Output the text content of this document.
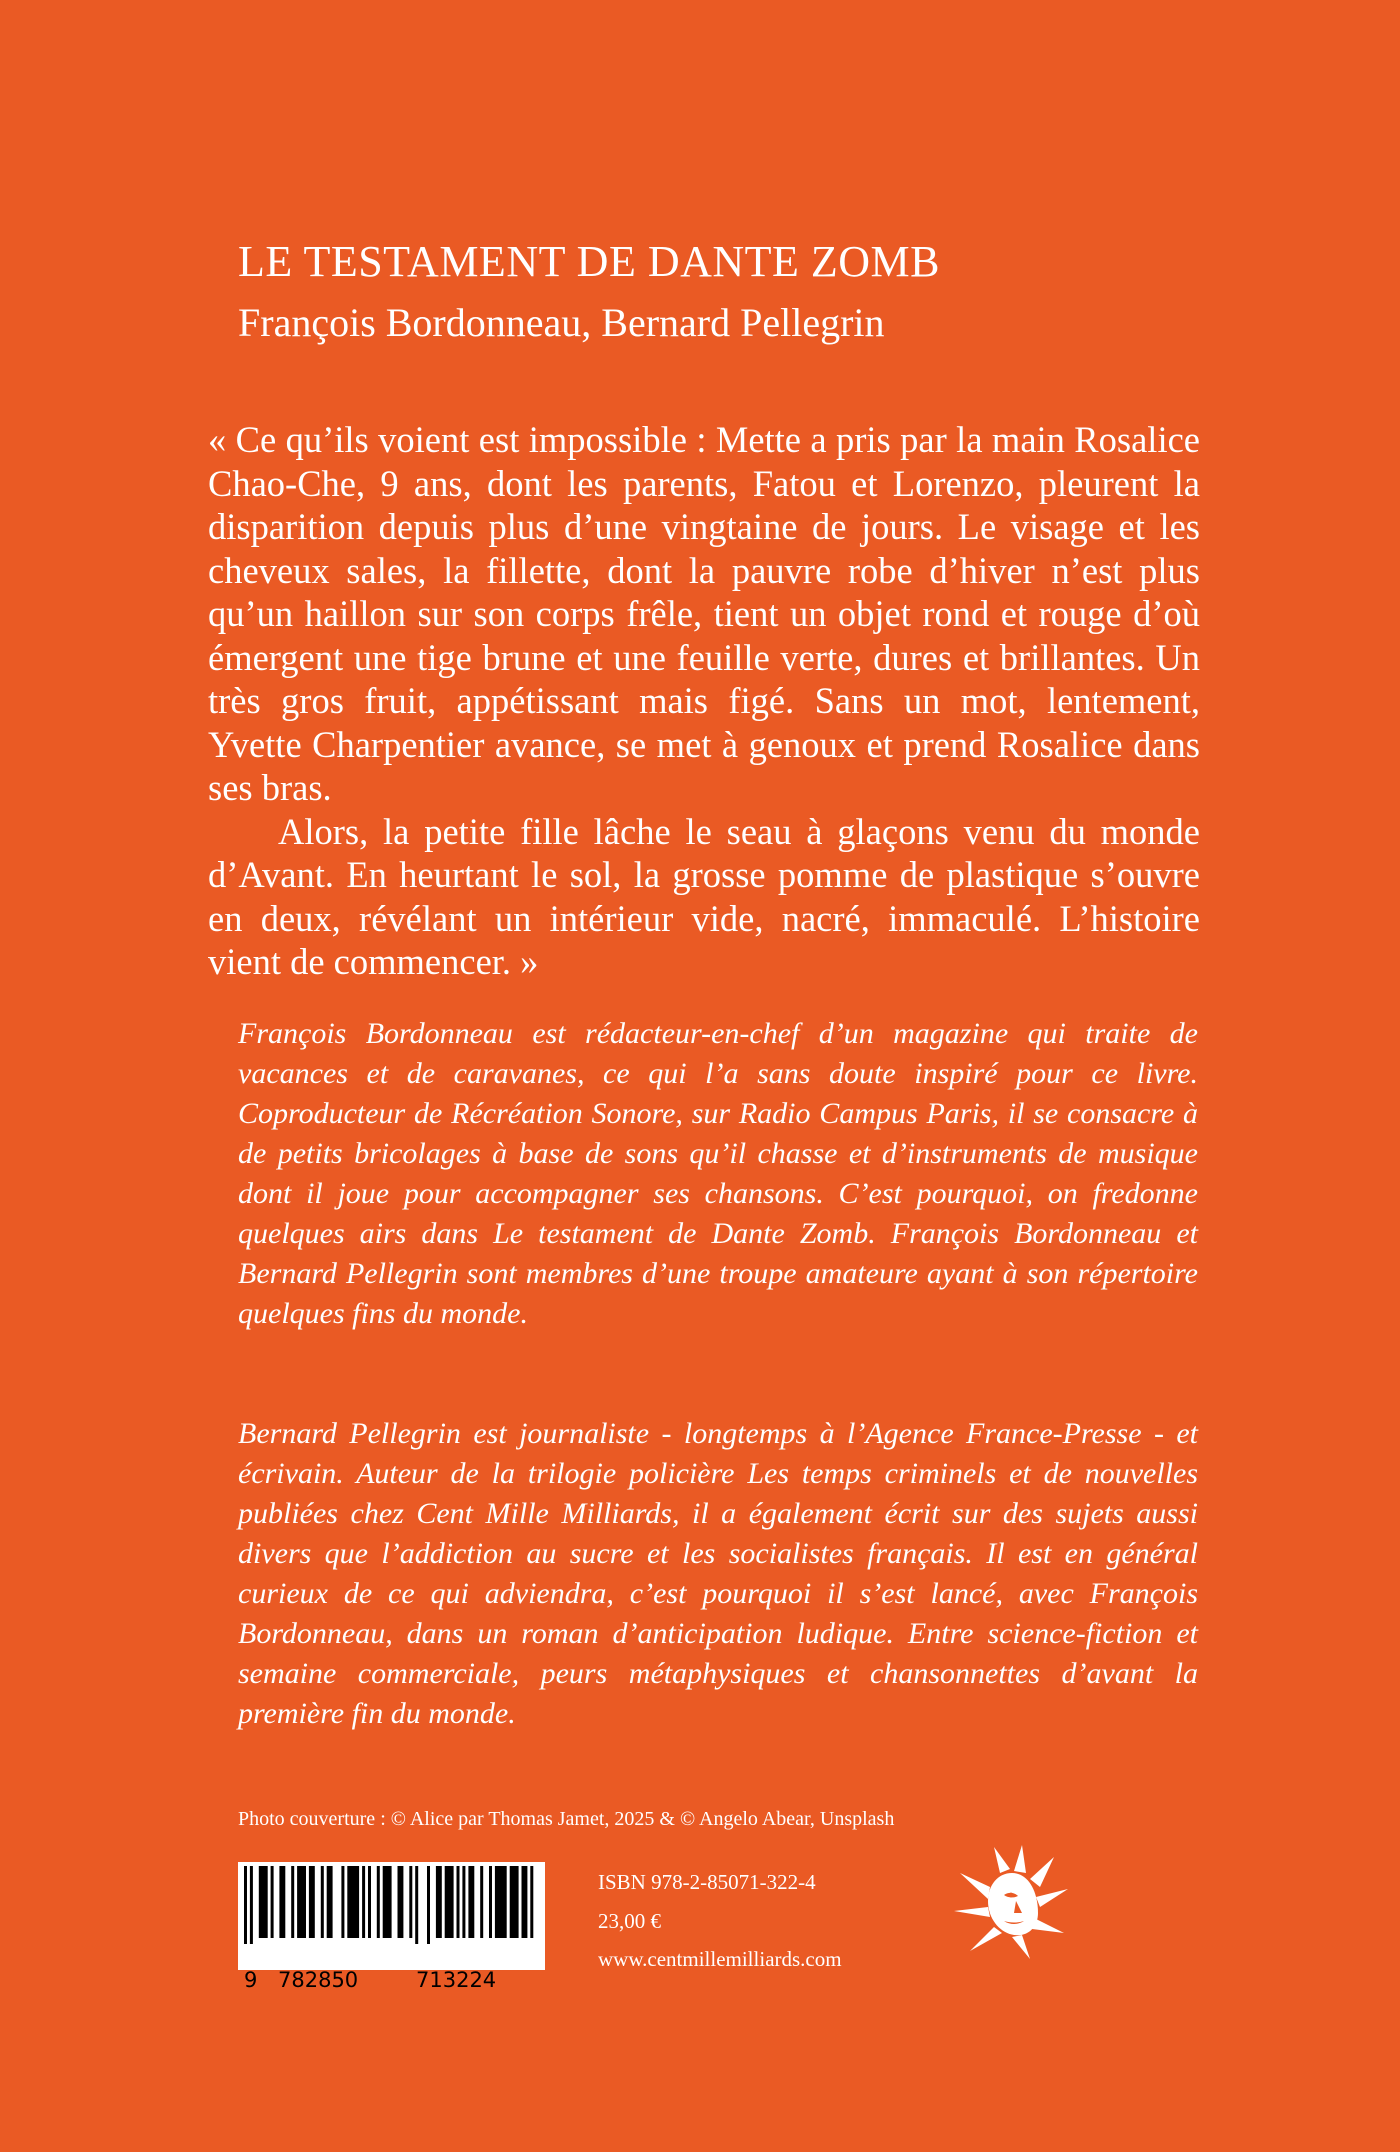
LE TESTAMENT DE DANTE ZOMB
François Bordonneau, Bernard Pellegrin

« Ce qu’ils voient est impossible : Mette a pris par la main Rosalice Chao-Che, 9 ans, dont les parents, Fatou et Lorenzo, pleurent la disparition depuis plus d’une vingtaine de jours. Le visage et les cheveux sales, la fillette, dont la pauvre robe d’hiver n’est plus qu’un haillon sur son corps frêle, tient un objet rond et rouge d’où émergent une tige brune et une feuille verte, dures et brillantes. Un très gros fruit, appétissant mais figé. Sans un mot, lentement, Yvette Charpentier avance, se met à genoux et prend Rosalice dans ses bras.

Alors, la petite fille lâche le seau à glaçons venu du monde d’Avant. En heurtant le sol, la grosse pomme de plastique s’ouvre en deux, révélant un intérieur vide, nacré, immaculé. L’histoire vient de commencer. »

François Bordonneau est rédacteur-en-chef d’un magazine qui traite de vacances et de caravanes, ce qui l’a sans doute inspiré pour ce livre. Coproducteur de Récréation Sonore, sur Radio Campus Paris, il se consacre à de petits bricolages à base de sons qu’il chasse et d’instruments de musique dont il joue pour accompagner ses chansons. C’est pourquoi, on fredonne quelques airs dans Le testament de Dante Zomb. François Bordonneau et Bernard Pellegrin sont membres d’une troupe amateure ayant à son répertoire quelques fins du monde.
Bernard Pellegrin est journaliste - longtemps à l’Agence France-Presse - et écrivain. Auteur de la trilogie policière Les temps criminels et de nouvelles publiées chez Cent Mille Milliards, il a également écrit sur des sujets aussi divers que l’addiction au sucre et les socialistes français. Il est en général curieux de ce qui adviendra, c’est pourquoi il s’est lancé, avec François Bordonneau, dans un roman d’anticipation ludique. Entre science-fiction et semaine commerciale, peurs métaphysiques et chansonnettes d’avant la première fin du monde.
Photo couverture : © Alice par Thomas Jamet, 2025 & © Angelo Abear, Unsplash
9 782850	713224
ISBN 978-2-85071-322-4
23,00 €
www.centmillemilliards.com
